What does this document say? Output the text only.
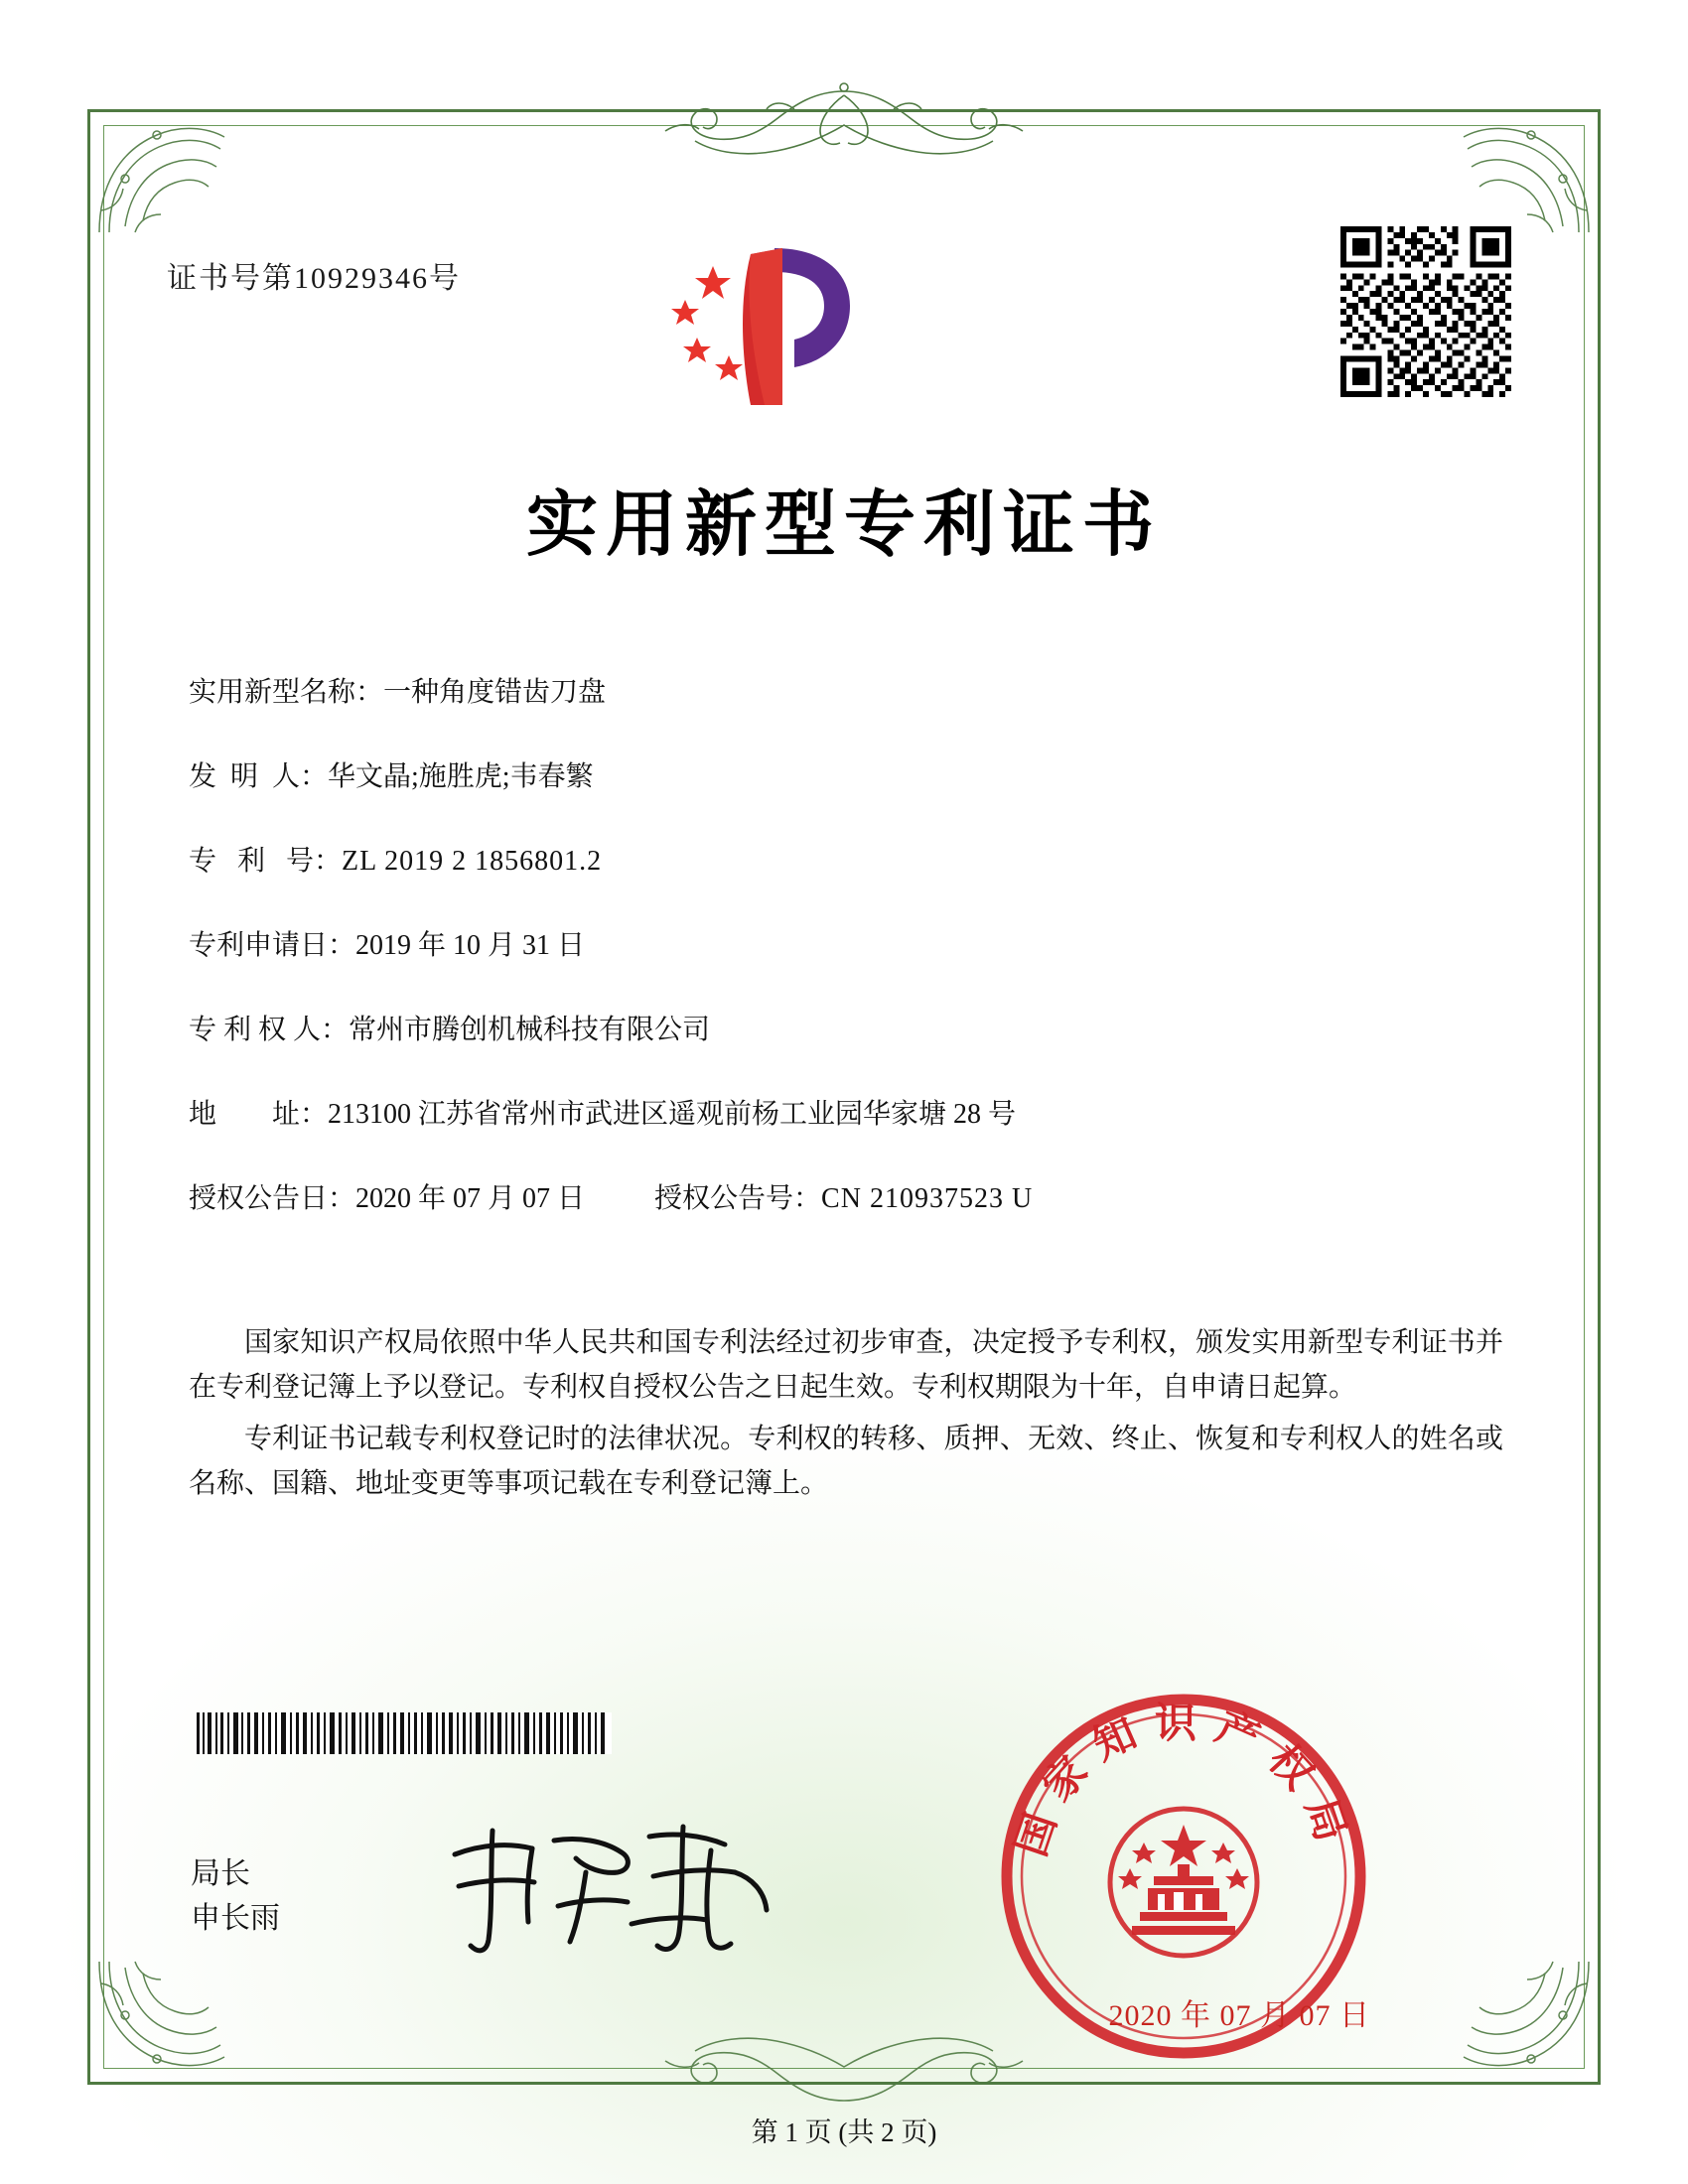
证书号第10929346号
实用新型专利证书
实用新型名称： 一种角度错齿刀盘
发  明  人： 华文晶;施胜虎;韦春繁
专   利   号： ZL 2019 2 1856801.2
专利申请日： 2019 年 10 月 31 日
专 利 权 人： 常州市腾创机械科技有限公司
地        址： 213100 江苏省常州市武进区遥观前杨工业园华家塘 28 号
授权公告日： 2020 年 07 月 07 日	授权公告号： CN 210937523 U

国家知识产权局依照中华人民共和国专利法经过初步审查，决定授予专利权，颁发实用新型专利证书并在专利登记簿上予以登记。专利权自授权公告之日起生效。专利权期限为十年，自申请日起算。

专利证书记载专利权登记时的法律状况。专利权的转移、质押、无效、终止、恢复和专利权人的姓名或名称、国籍、地址变更等事项记载在专利登记簿上。

局长
申长雨
国家知识产权局
2020 年 07 月 07 日
第 1 页 (共 2 页)
